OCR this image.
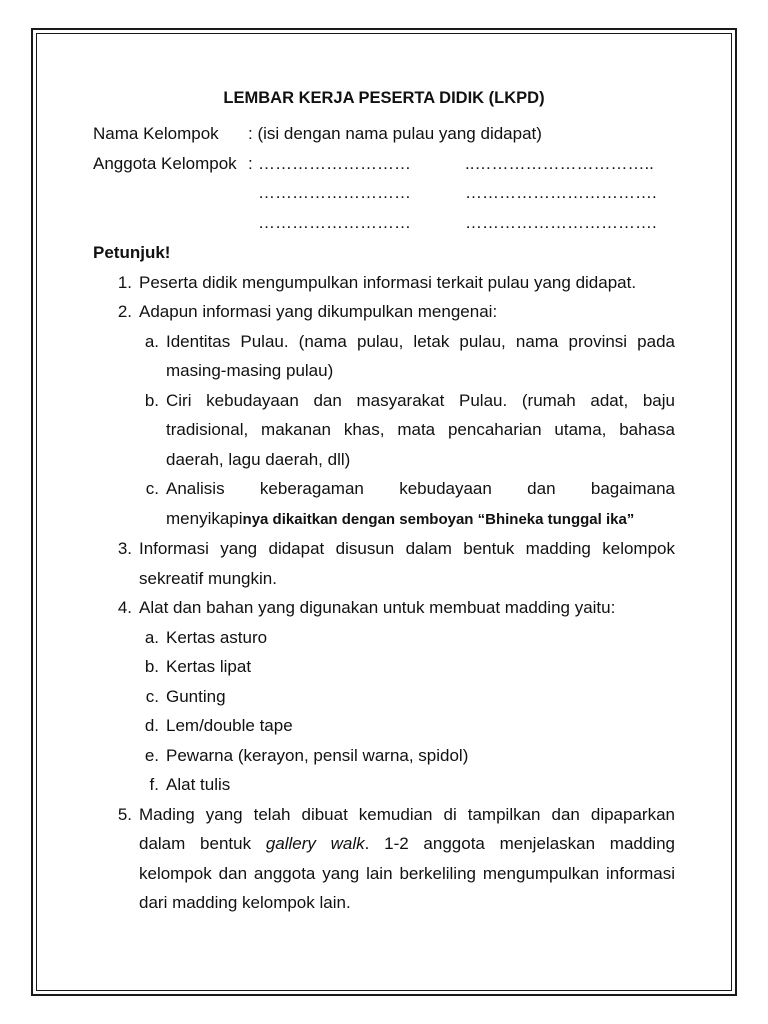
LEMBAR KERJA PESERTA DIDIK (LKPD)
Nama Kelompok	: (isi dengan nama pulau yang didapat)
Anggota Kelompok : ………………………	..…………………………..
………………………	…………………………….
………………………	…………………………….
Petunjuk!
1. Peserta didik mengumpulkan informasi terkait pulau yang didapat.
2. Adapun informasi yang dikumpulkan mengenai:
a. Identitas Pulau. (nama pulau, letak pulau, nama provinsi pada masing-masing pulau)
b. Ciri kebudayaan dan masyarakat Pulau. (rumah adat, baju tradisional, makanan khas, mata pencaharian utama, bahasa daerah, lagu daerah, dll)
c. Analisis keberagaman kebudayaan dan bagaimana
menyikapinya dikaitkan dengan semboyan “Bhineka tunggal ika”
3. Informasi yang didapat disusun dalam bentuk madding kelompok sekreatif mungkin.
4. Alat dan bahan yang digunakan untuk membuat madding yaitu:
a. Kertas asturo
b. Kertas lipat
c. Gunting
d. Lem/double tape
e. Pewarna (kerayon, pensil warna, spidol)
f. Alat tulis
5. Mading yang telah dibuat kemudian di tampilkan dan dipaparkan dalam bentuk gallery walk. 1-2 anggota menjelaskan madding kelompok dan anggota yang lain berkeliling mengumpulkan informasi dari madding kelompok lain.
